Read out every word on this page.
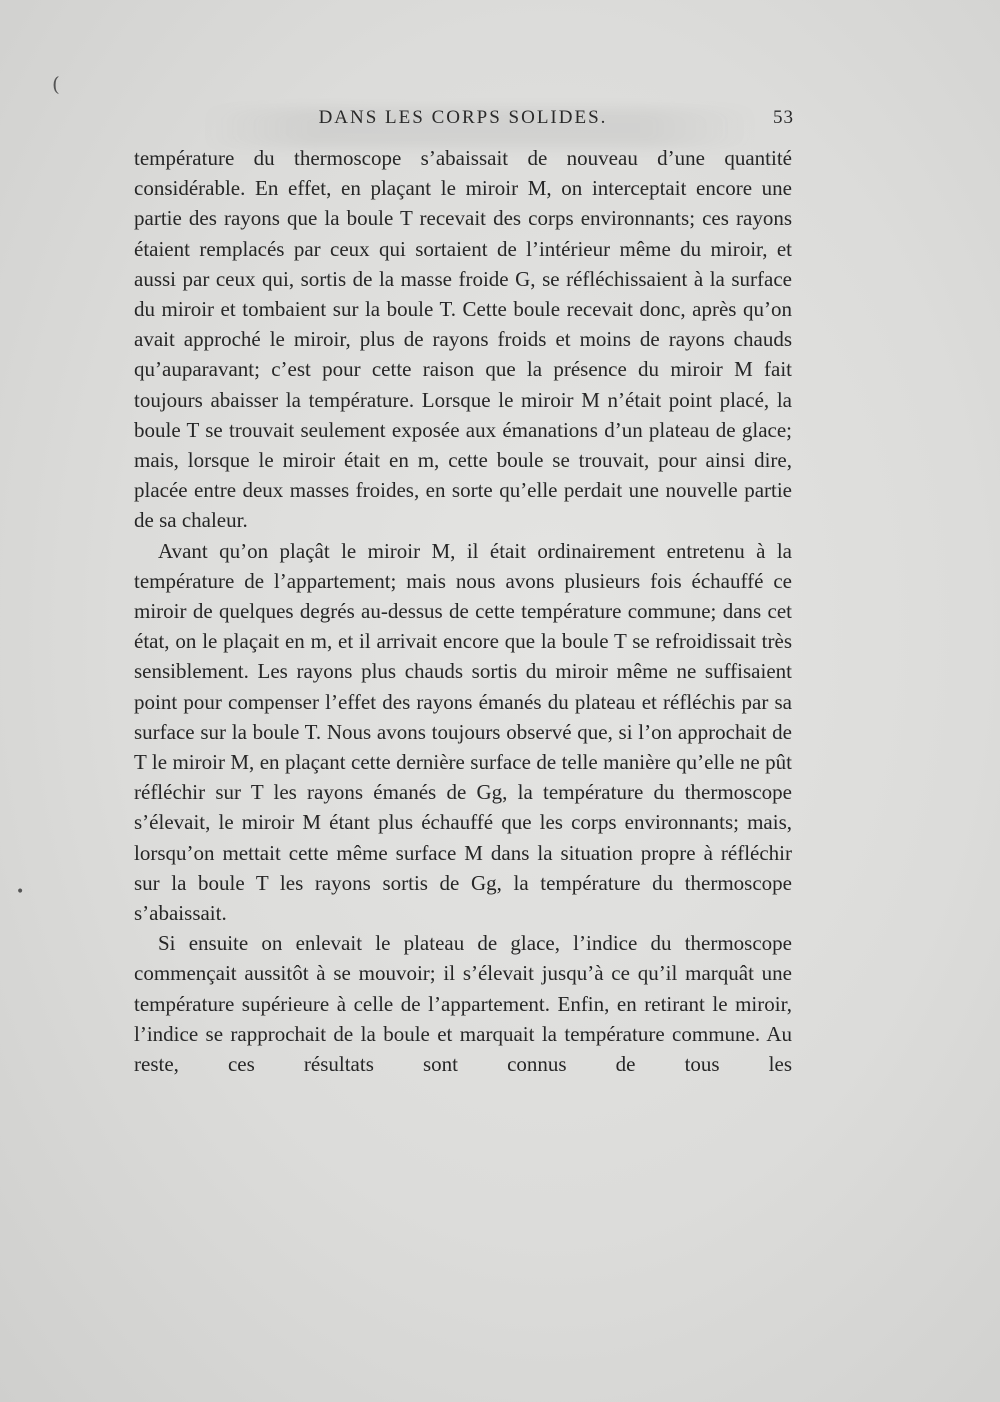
(
•
DANS LES CORPS SOLIDES.	53

température du thermoscope s’abaissait de nouveau d’une quantité considérable. En effet, en plaçant le miroir M, on interceptait encore une partie des rayons que la boule T recevait des corps environnants; ces rayons étaient remplacés par ceux qui sortaient de l’intérieur même du miroir, et aussi par ceux qui, sortis de la masse froide G, se réfléchissaient à la surface du miroir et tombaient sur la boule T. Cette boule recevait donc, après qu’on avait approché le miroir, plus de rayons froids et moins de rayons chauds qu’auparavant; c’est pour cette raison que la présence du miroir M fait toujours abaisser la température. Lorsque le miroir M n’était point placé, la boule T se trouvait seulement exposée aux émanations d’un plateau de glace; mais, lorsque le miroir était en m, cette boule se trouvait, pour ainsi dire, placée entre deux masses froides, en sorte qu’elle perdait une nouvelle partie de sa chaleur.

Avant qu’on plaçât le miroir M, il était ordinairement entretenu à la température de l’appartement; mais nous avons plusieurs fois échauffé ce miroir de quelques degrés au-dessus de cette température commune; dans cet état, on le plaçait en m, et il arrivait encore que la boule T se refroidissait très sensiblement. Les rayons plus chauds sortis du miroir même ne suffisaient point pour compenser l’effet des rayons émanés du plateau et réfléchis par sa surface sur la boule T. Nous avons toujours observé que, si l’on approchait de T le miroir M, en plaçant cette dernière surface de telle manière qu’elle ne pût réfléchir sur T les rayons émanés de Gg, la température du thermoscope s’élevait, le miroir M étant plus échauffé que les corps environnants; mais, lorsqu’on mettait cette même surface M dans la situation propre à réfléchir sur la boule T les rayons sortis de Gg, la température du thermoscope s’abaissait.

Si ensuite on enlevait le plateau de glace, l’indice du thermoscope commençait aussitôt à se mouvoir; il s’élevait jusqu’à ce qu’il marquât une température supérieure à celle de l’appartement. Enfin, en retirant le miroir, l’indice se rapprochait de la boule et marquait la température commune. Au reste, ces résultats sont connus de tous les
